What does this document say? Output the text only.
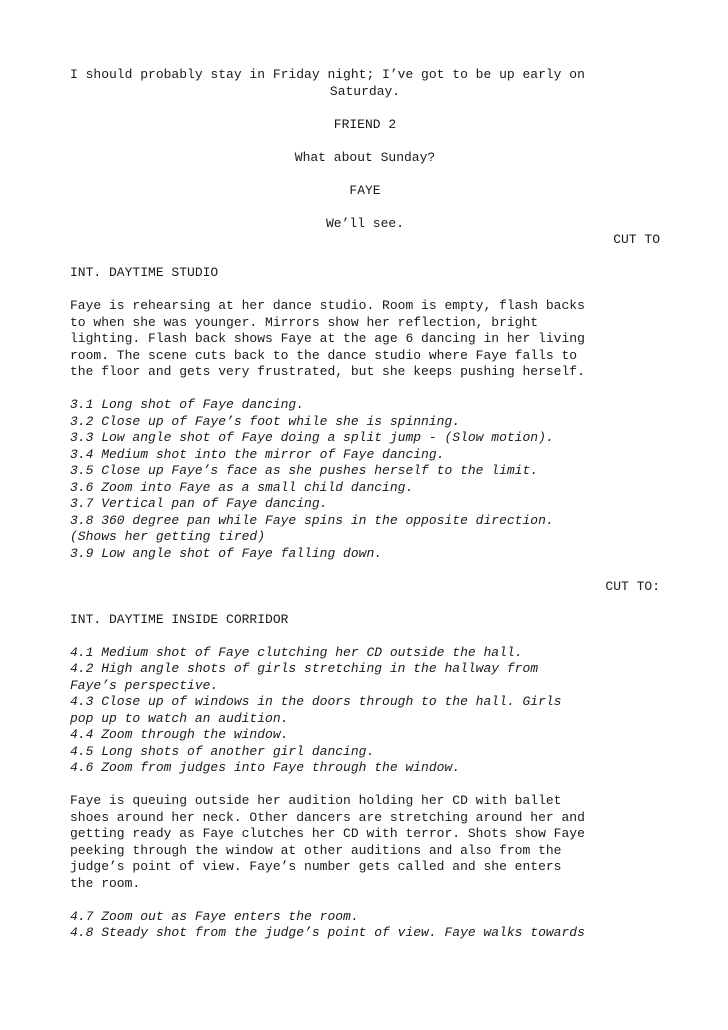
I should probably stay in Friday night; I’ve got to be up early on
Saturday.
FRIEND 2
What about Sunday?
FAYE
We’ll see.
CUT TO
INT. DAYTIME STUDIO
Faye is rehearsing at her dance studio. Room is empty, flash backs
to when she was younger. Mirrors show her reflection, bright
lighting. Flash back shows Faye at the age 6 dancing in her living
room. The scene cuts back to the dance studio where Faye falls to
the floor and gets very frustrated, but she keeps pushing herself.
3.1 Long shot of Faye dancing.
3.2 Close up of Faye’s foot while she is spinning.
3.3 Low angle shot of Faye doing a split jump - (Slow motion).
3.4 Medium shot into the mirror of Faye dancing.
3.5 Close up Faye’s face as she pushes herself to the limit.
3.6 Zoom into Faye as a small child dancing.
3.7 Vertical pan of Faye dancing.
3.8 360 degree pan while Faye spins in the opposite direction.
(Shows her getting tired)
3.9 Low angle shot of Faye falling down.
CUT TO:
INT. DAYTIME INSIDE CORRIDOR
4.1 Medium shot of Faye clutching her CD outside the hall.
4.2 High angle shots of girls stretching in the hallway from
Faye’s perspective.
4.3 Close up of windows in the doors through to the hall. Girls
pop up to watch an audition.
4.4 Zoom through the window.
4.5 Long shots of another girl dancing.
4.6 Zoom from judges into Faye through the window.
Faye is queuing outside her audition holding her CD with ballet
shoes around her neck. Other dancers are stretching around her and
getting ready as Faye clutches her CD with terror. Shots show Faye
peeking through the window at other auditions and also from the
judge’s point of view. Faye’s number gets called and she enters
the room.
4.7 Zoom out as Faye enters the room.
4.8 Steady shot from the judge’s point of view. Faye walks towards
